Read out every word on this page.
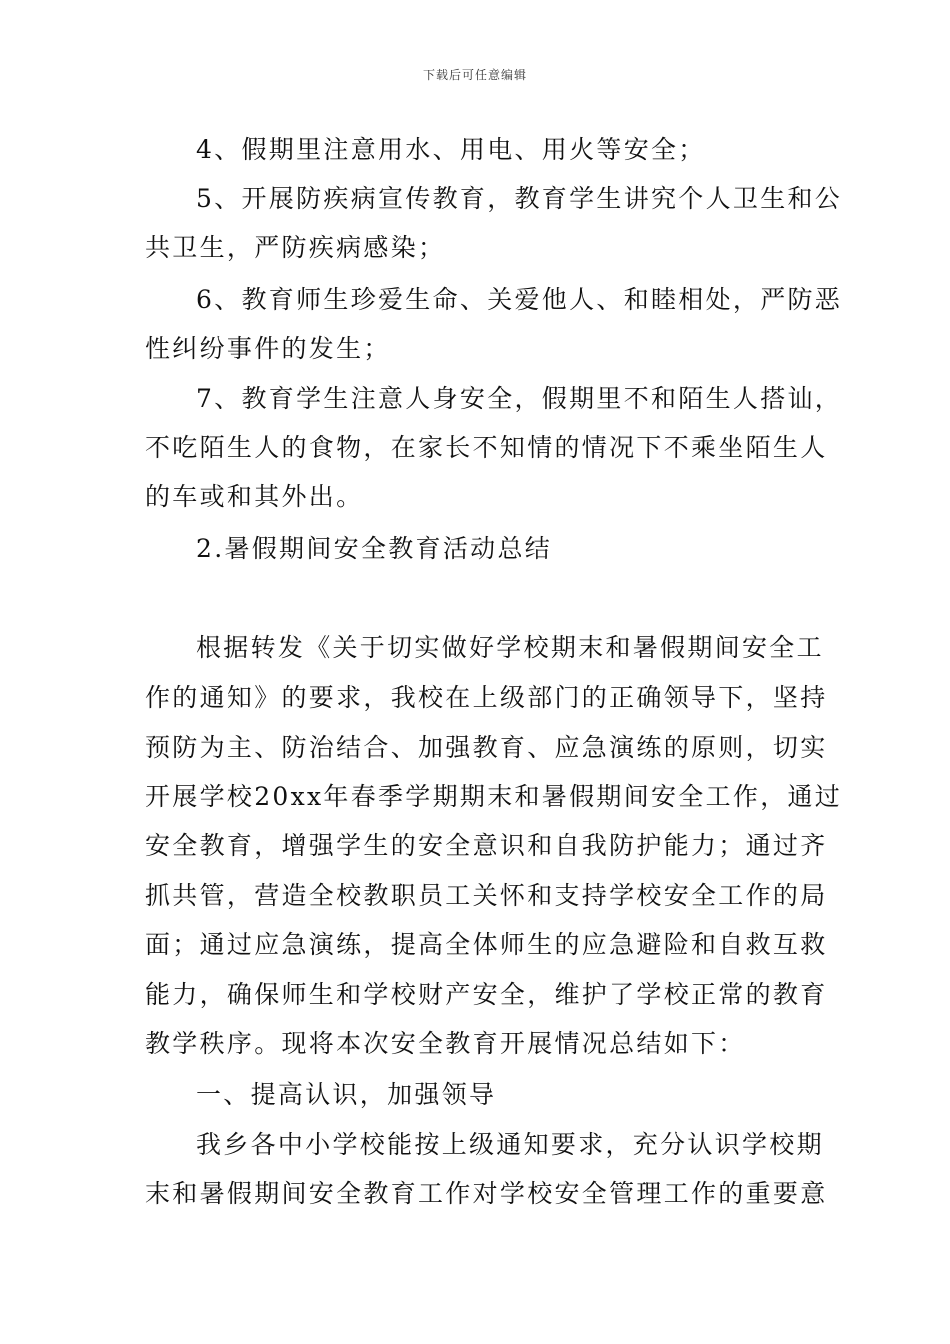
下载后可任意编辑
4、假期里注意用水、用电、用火等安全；
5、开展防疾病宣传教育，教育学生讲究个人卫生和公
共卫生，严防疾病感染；
6、教育师生珍爱生命、关爱他人、和睦相处，严防恶
性纠纷事件的发生；
7、教育学生注意人身安全，假期里不和陌生人搭讪，
不吃陌生人的食物，在家长不知情的情况下不乘坐陌生人
的车或和其外出。
2.暑假期间安全教育活动总结
根据转发《关于切实做好学校期末和暑假期间安全工
作的通知》的要求，我校在上级部门的正确领导下，坚持
预防为主、防治结合、加强教育、应急演练的原则，切实
开展学校20xx年春季学期期末和暑假期间安全工作，通过
安全教育，增强学生的安全意识和自我防护能力；通过齐
抓共管，营造全校教职员工关怀和支持学校安全工作的局
面；通过应急演练，提高全体师生的应急避险和自救互救
能力，确保师生和学校财产安全，维护了学校正常的教育
教学秩序。现将本次安全教育开展情况总结如下：
一、提高认识，加强领导
我乡各中小学校能按上级通知要求，充分认识学校期
末和暑假期间安全教育工作对学校安全管理工作的重要意
